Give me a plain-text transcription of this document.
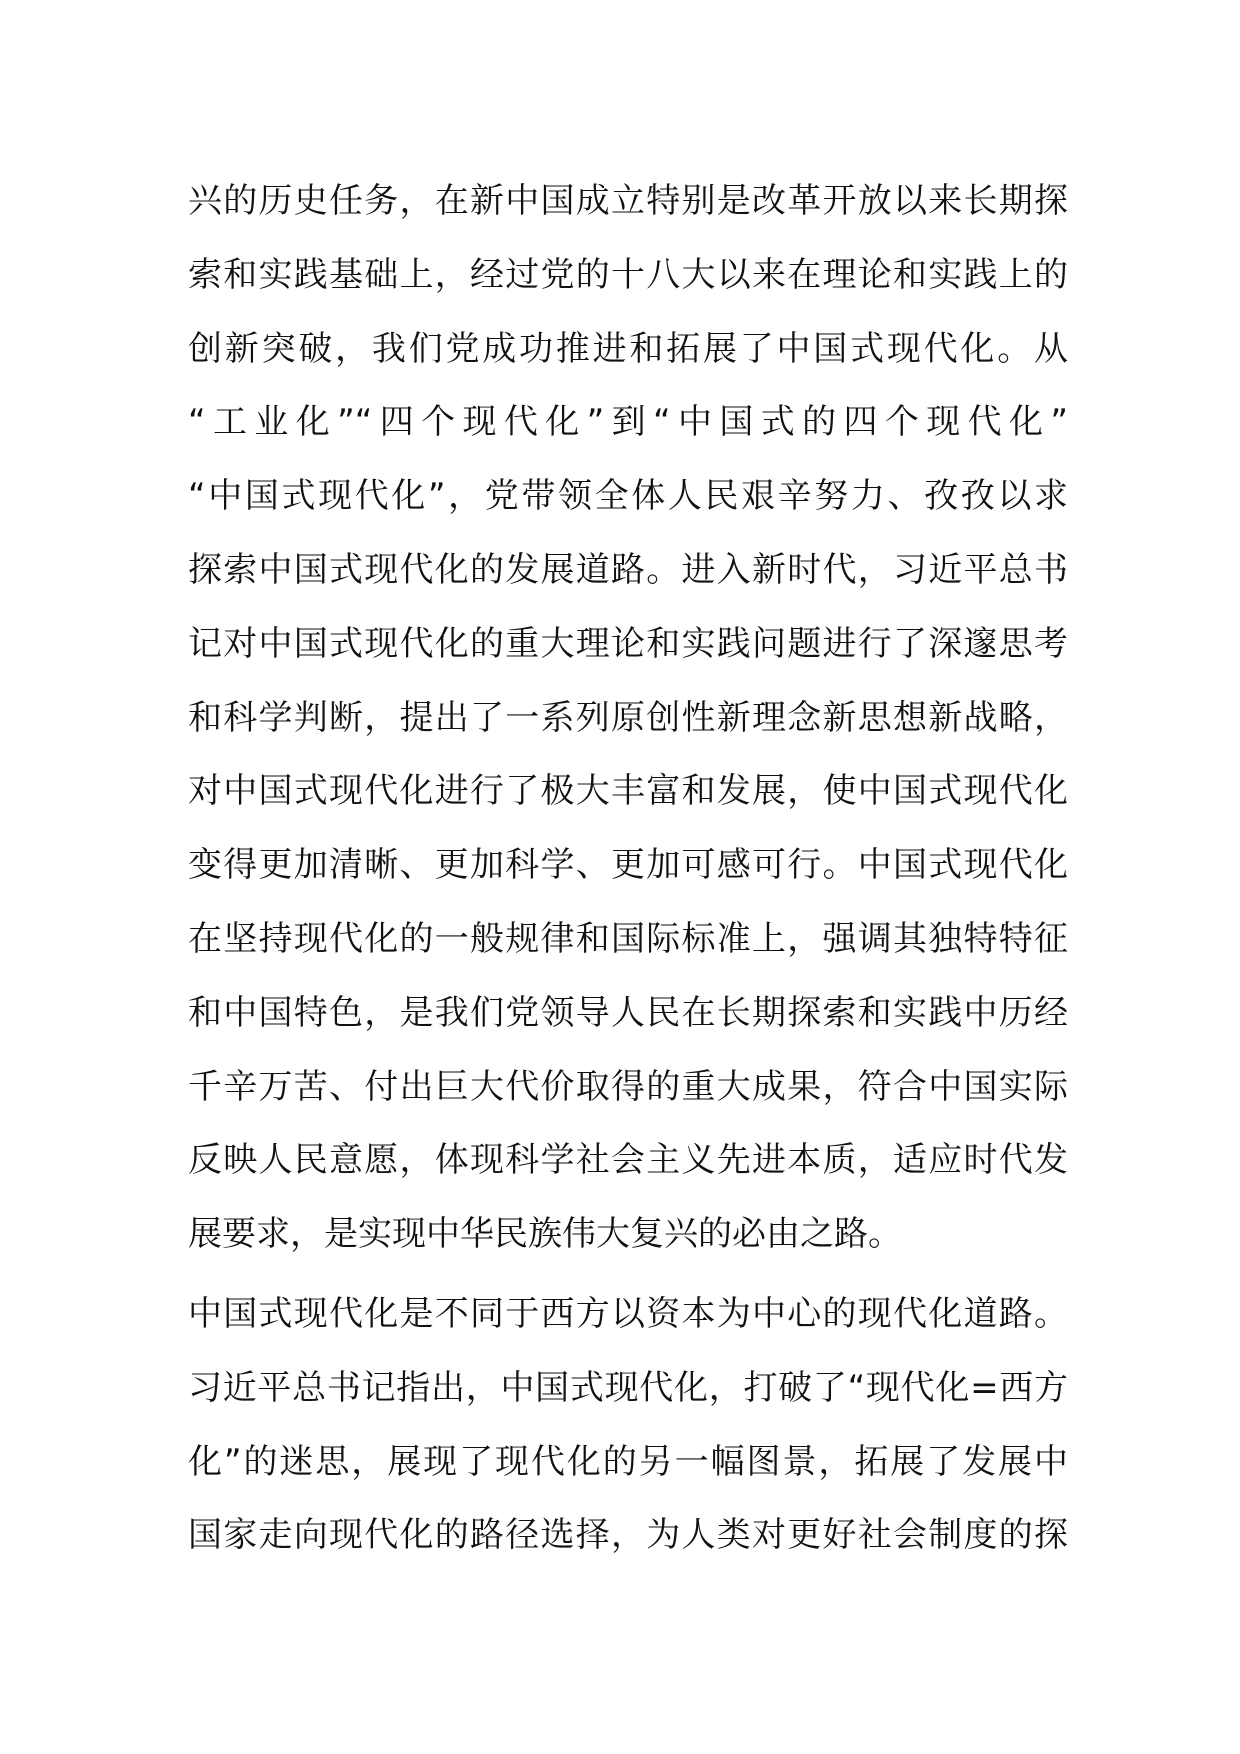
兴的历史任务，在新中国成立特别是改革开放以来长期探
索和实践基础上，经过党的十八大以来在理论和实践上的
创新突破，我们党成功推进和拓展了中国式现代化。从
“工业化”“四个现代化”到“中国式的四个现代化”
“中国式现代化”，党带领全体人民艰辛努力、孜孜以求
探索中国式现代化的发展道路。进入新时代，习近平总书
记对中国式现代化的重大理论和实践问题进行了深邃思考
和科学判断，提出了一系列原创性新理念新思想新战略，
对中国式现代化进行了极大丰富和发展，使中国式现代化
变得更加清晰、更加科学、更加可感可行。中国式现代化
在坚持现代化的一般规律和国际标准上，强调其独特特征
和中国特色，是我们党领导人民在长期探索和实践中历经
千辛万苦、付出巨大代价取得的重大成果，符合中国实际
反映人民意愿，体现科学社会主义先进本质，适应时代发
展要求，是实现中华民族伟大复兴的必由之路。

中国式现代化是不同于西方以资本为中心的现代化道路。
习近平总书记指出，中国式现代化，打破了“现代化=西方
化”的迷思，展现了现代化的另一幅图景，拓展了发展中
国家走向现代化的路径选择，为人类对更好社会制度的探
